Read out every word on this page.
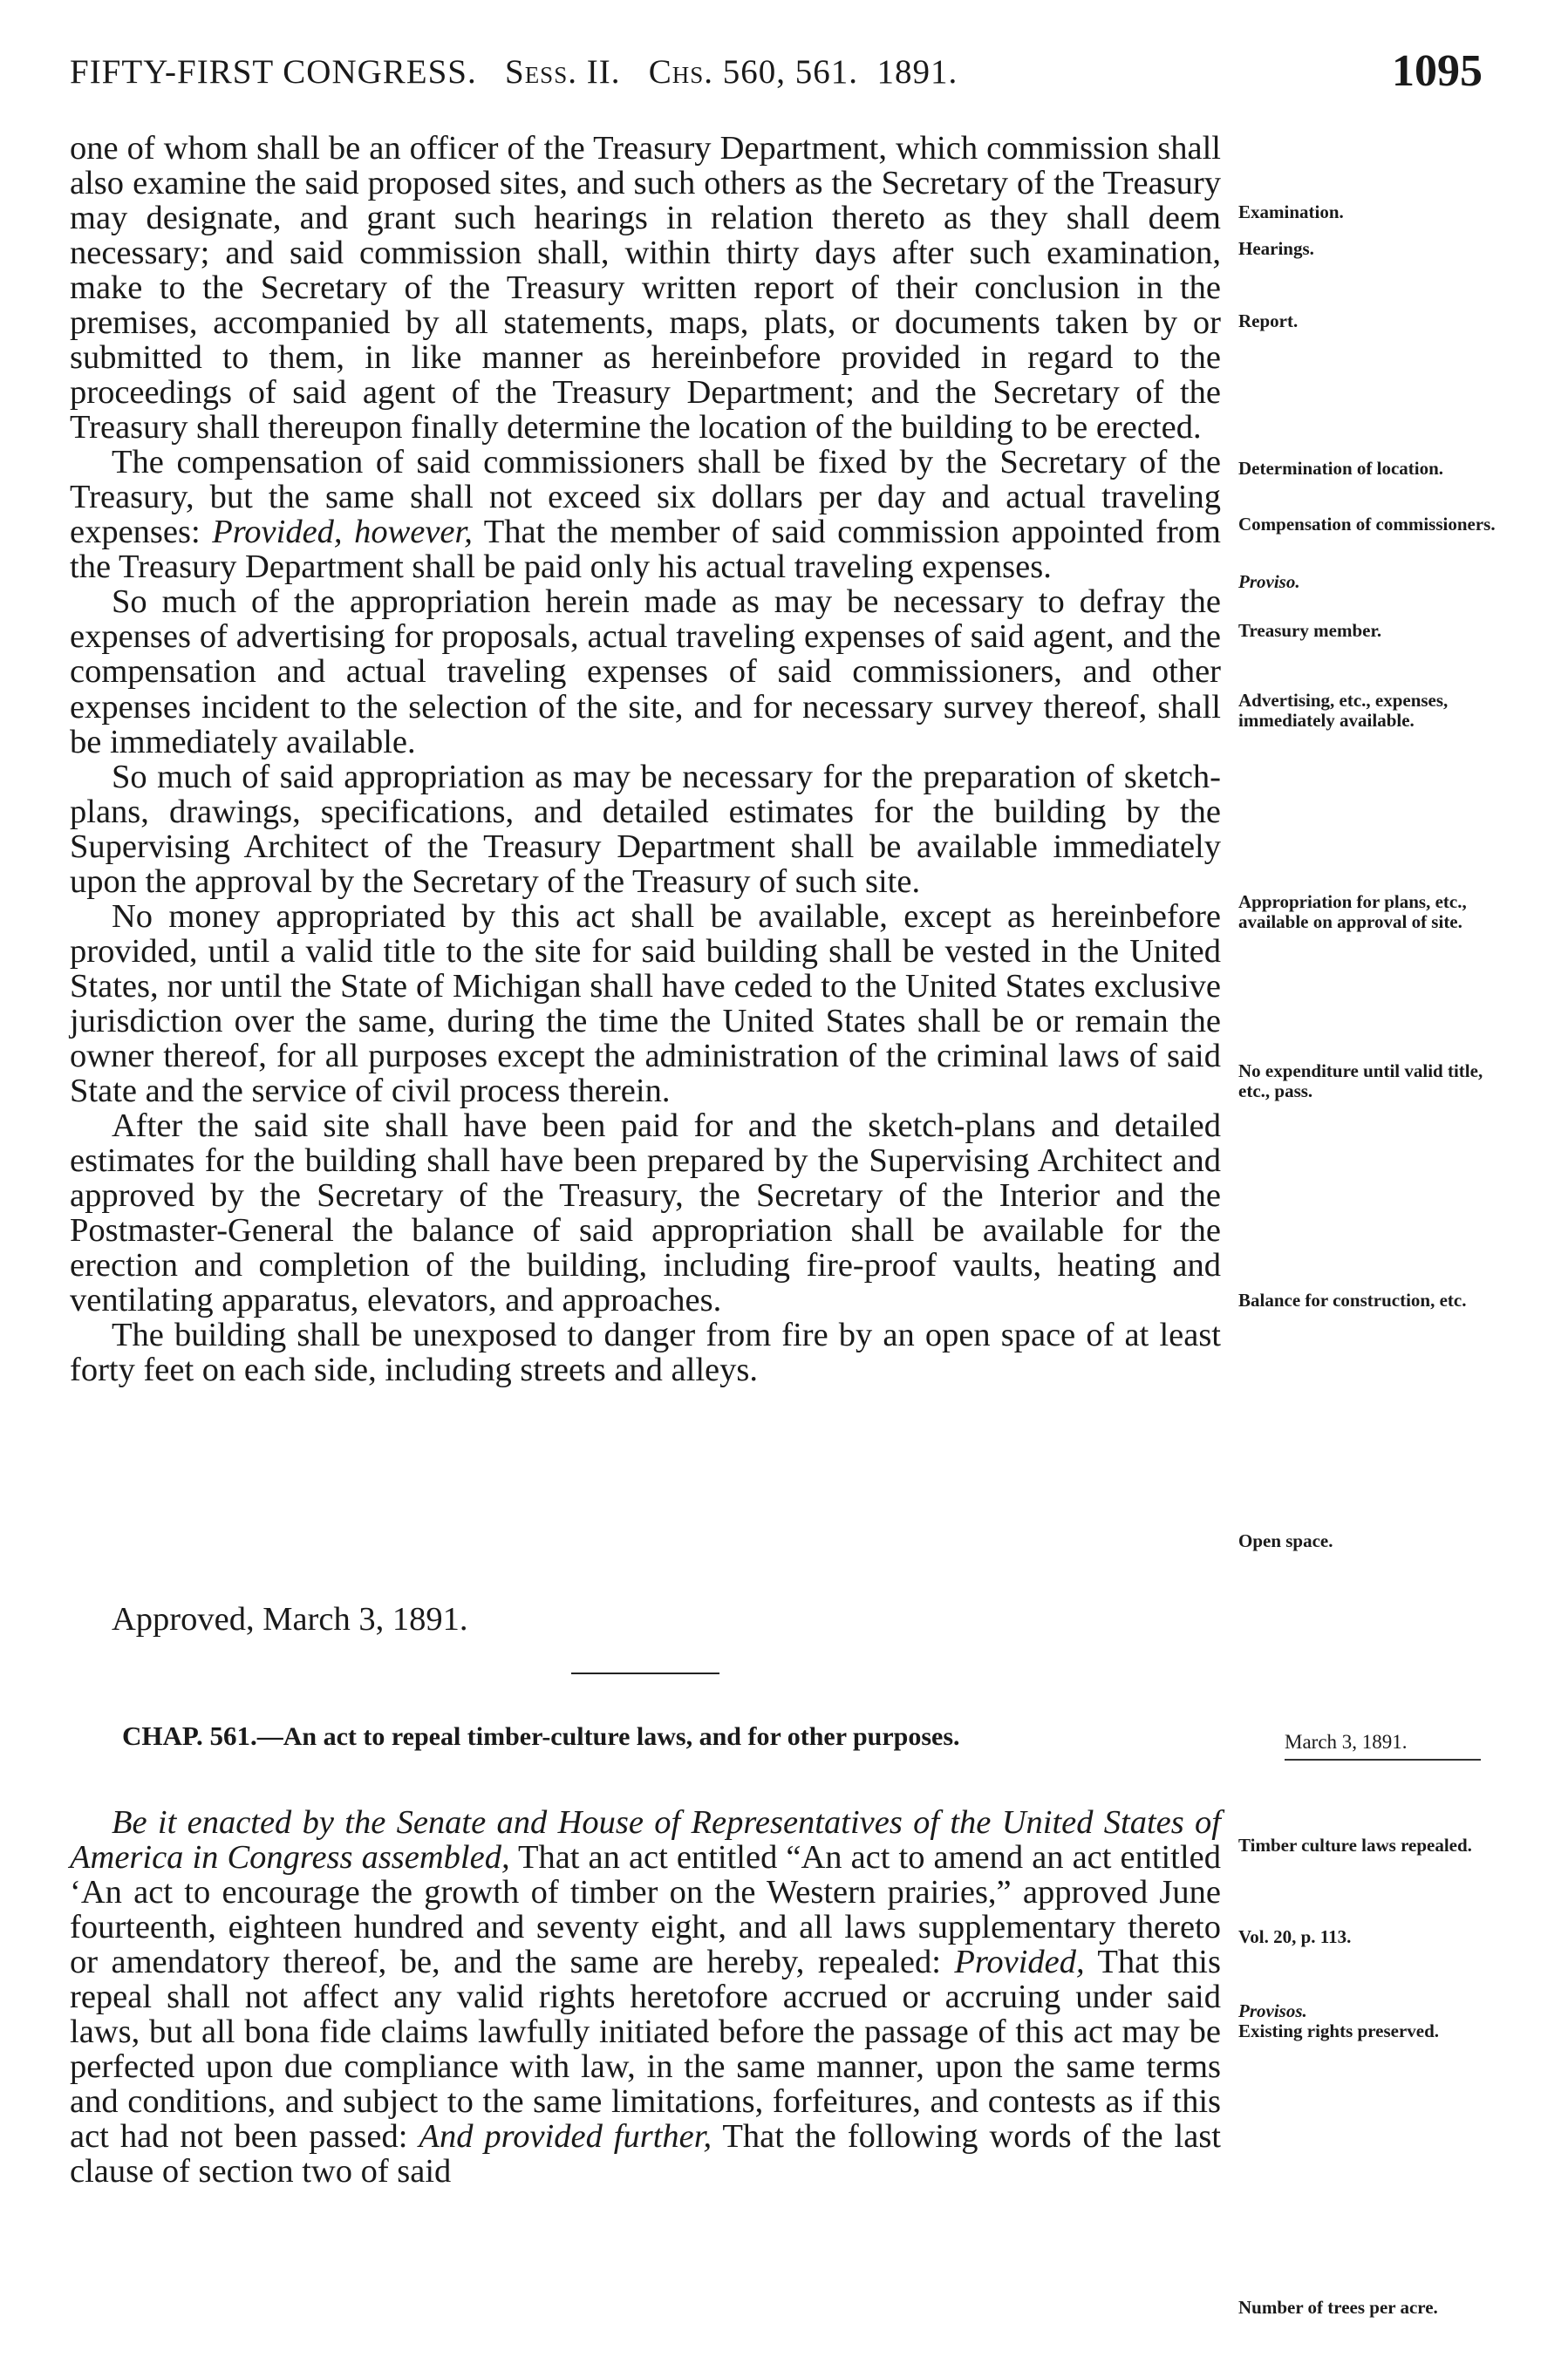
FIFTY-FIRST CONGRESS. Sess. II. Chs. 560, 561. 1891.	1095

one of whom shall be an officer of the Treasury Department, which commission shall also examine the said proposed sites, and such others as the Secretary of the Treasury may designate, and grant such hearings in relation thereto as they shall deem necessary; and said commission shall, within thirty days after such examination, make to the Secretary of the Treasury written report of their conclusion in the premises, accompanied by all statements, maps, plats, or documents taken by or submitted to them, in like manner as hereinbefore provided in regard to the proceedings of said agent of the Treasury Department; and the Secretary of the Treasury shall thereupon finally determine the location of the building to be erected.

The compensation of said commissioners shall be fixed by the Secretary of the Treasury, but the same shall not exceed six dollars per day and actual traveling expenses: Provided, however, That the member of said commission appointed from the Treasury Department shall be paid only his actual traveling expenses.

So much of the appropriation herein made as may be necessary to defray the expenses of advertising for proposals, actual traveling expenses of said agent, and the compensation and actual traveling expenses of said commissioners, and other expenses incident to the selection of the site, and for necessary survey thereof, shall be immediately available.

So much of said appropriation as may be necessary for the preparation of sketch-plans, drawings, specifications, and detailed estimates for the building by the Supervising Architect of the Treasury Department shall be available immediately upon the approval by the Secretary of the Treasury of such site.

No money appropriated by this act shall be available, except as hereinbefore provided, until a valid title to the site for said building shall be vested in the United States, nor until the State of Michigan shall have ceded to the United States exclusive jurisdiction over the same, during the time the United States shall be or remain the owner thereof, for all purposes except the administration of the criminal laws of said State and the service of civil process therein.

After the said site shall have been paid for and the sketch-plans and detailed estimates for the building shall have been prepared by the Supervising Architect and approved by the Secretary of the Treasury, the Secretary of the Interior and the Postmaster-General the balance of said appropriation shall be available for the erection and completion of the building, including fire-proof vaults, heating and ventilating apparatus, elevators, and approaches.

The building shall be unexposed to danger from fire by an open space of at least forty feet on each side, including streets and alleys.

Approved, March 3, 1891.
CHAP. 561.—An act to repeal timber-culture laws, and for other purposes.	March 3, 1891.

Be it enacted by the Senate and House of Representatives of the United States of America in Congress assembled, That an act entitled “An act to amend an act entitled ‘An act to encourage the growth of timber on the Western prairies,” approved June fourteenth, eighteen hundred and seventy eight, and all laws supplementary thereto or amendatory thereof, be, and the same are hereby, repealed: Provided, That this repeal shall not affect any valid rights heretofore accrued or accruing under said laws, but all bona fide claims lawfully initiated before the passage of this act may be perfected upon due compliance with law, in the same manner, upon the same terms and conditions, and subject to the same limitations, forfeitures, and contests as if this act had not been passed: And provided further, That the following words of the last clause of section two of said

Examination.
Hearings.
Report.
Determination of location.
Compensation of commissioners.
Proviso.
Treasury member.
Advertising, etc., expenses, immediately available.
Appropriation for plans, etc., available on approval of site.
No expenditure until valid title, etc., pass.
Balance for construction, etc.
Open space.
Timber culture laws repealed.
Vol. 20, p. 113.
Provisos.
Existing rights preserved.
Number of trees per acre.
